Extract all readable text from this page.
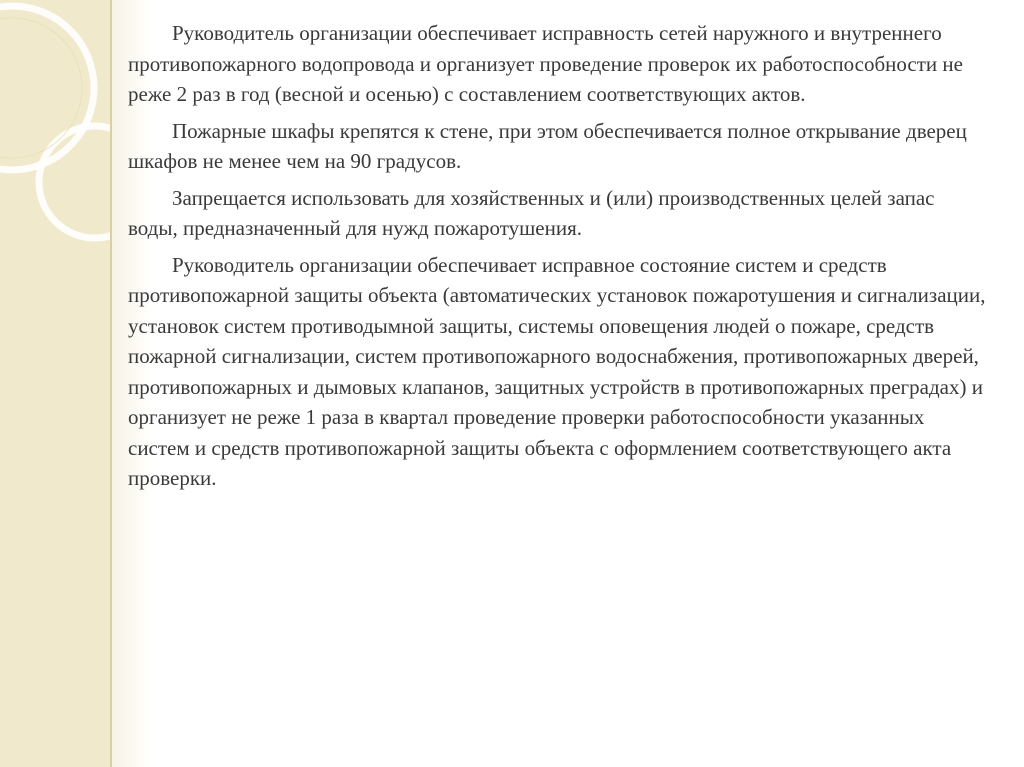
Руководитель организации обеспечивает исправность сетей наружного и внутреннего противопожарного водопровода и организует проведение проверок их работоспособности не реже 2 раз в год (весной и осенью) с составлением соответствующих актов.

Пожарные шкафы крепятся к стене, при этом обеспечивается полное открывание дверец шкафов не менее чем на 90 градусов.

Запрещается использовать для хозяйственных и (или) производственных целей запас воды, предназначенный для нужд пожаротушения.

Руководитель организации обеспечивает исправное состояние систем и средств противопожарной защиты объекта (автоматических установок пожаротушения и сигнализации, установок систем противодымной защиты, системы оповещения людей о пожаре, средств пожарной сигнализации, систем противопожарного водоснабжения, противопожарных дверей, противопожарных и дымовых клапанов, защитных устройств в противопожарных преградах) и организует не реже 1 раза в квартал проведение проверки работоспособности указанных систем и средств противопожарной защиты объекта с оформлением соответствующего акта проверки.
